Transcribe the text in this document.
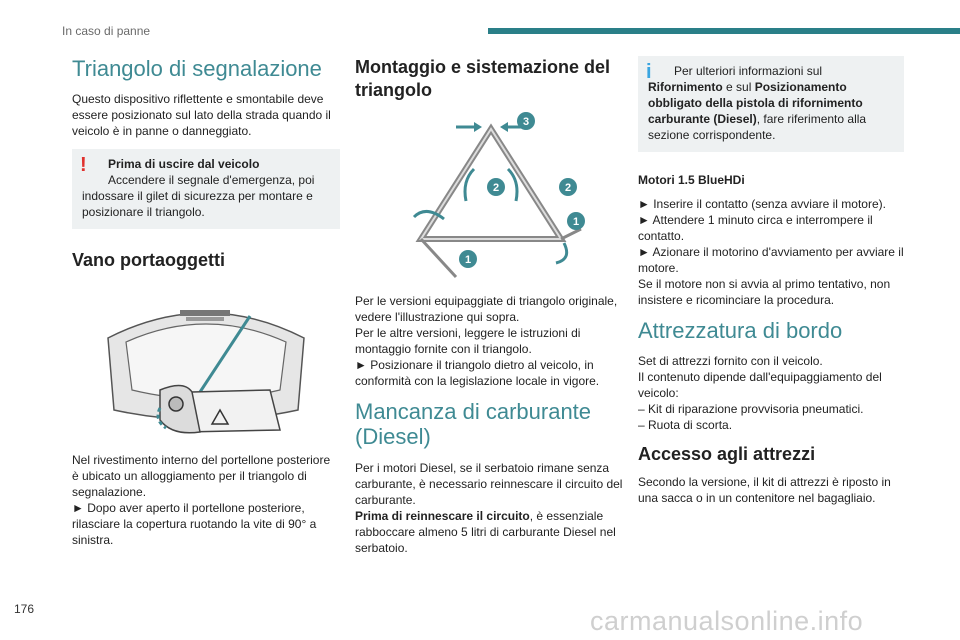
In caso di panne
176	carmanualsonline.info
Triangolo di segnalazione

Questo dispositivo riflettente e smontabile deve essere posizionato sul lato della strada quando il veicolo è in panne o danneggiato.

!	Prima di uscire dal veicolo
Accendere il segnale d'emergenza, poi
indossare il gilet di sicurezza per montare e posizionare il triangolo.
Vano portaoggetti

Nel rivestimento interno del portellone posteriore è ubicato un alloggiamento per il triangolo di segnalazione.

► Dopo aver aperto il portellone posteriore, rilasciare la copertura ruotando la vite di 90° a sinistra.

Montaggio e sistemazione del triangolo
3
2	2
1
1

Per le versioni equipaggiate di triangolo originale, vedere l'illustrazione qui sopra.

Per le altre versioni, leggere le istruzioni di montaggio fornite con il triangolo.

► Posizionare il triangolo dietro al veicolo, in conformità con la legislazione locale in vigore.

Mancanza di carburante (Diesel)

Per i motori Diesel, se il serbatoio rimane senza carburante, è necessario reinnescare il circuito del carburante.

Prima di reinnescare il circuito, è essenziale rabboccare almeno 5 litri di carburante Diesel nel serbatoio.

i	Per ulteriori informazioni sul
Rifornimento e sul Posizionamento obbligato della pistola di rifornimento carburante (Diesel), fare riferimento alla sezione corrispondente.

Motori 1.5 BlueHDi

► Inserire il contatto (senza avviare il motore).

► Attendere 1 minuto circa e interrompere il contatto.

► Azionare il motorino d'avviamento per avviare il motore.

Se il motore non si avvia al primo tentativo, non insistere e ricominciare la procedura.

Attrezzatura di bordo

Set di attrezzi fornito con il veicolo.

Il contenuto dipende dall'equipaggiamento del veicolo:

– Kit di riparazione provvisoria pneumatici.

– Ruota di scorta.

Accesso agli attrezzi

Secondo la versione, il kit di attrezzi è riposto in una sacca o in un contenitore nel bagagliaio.
